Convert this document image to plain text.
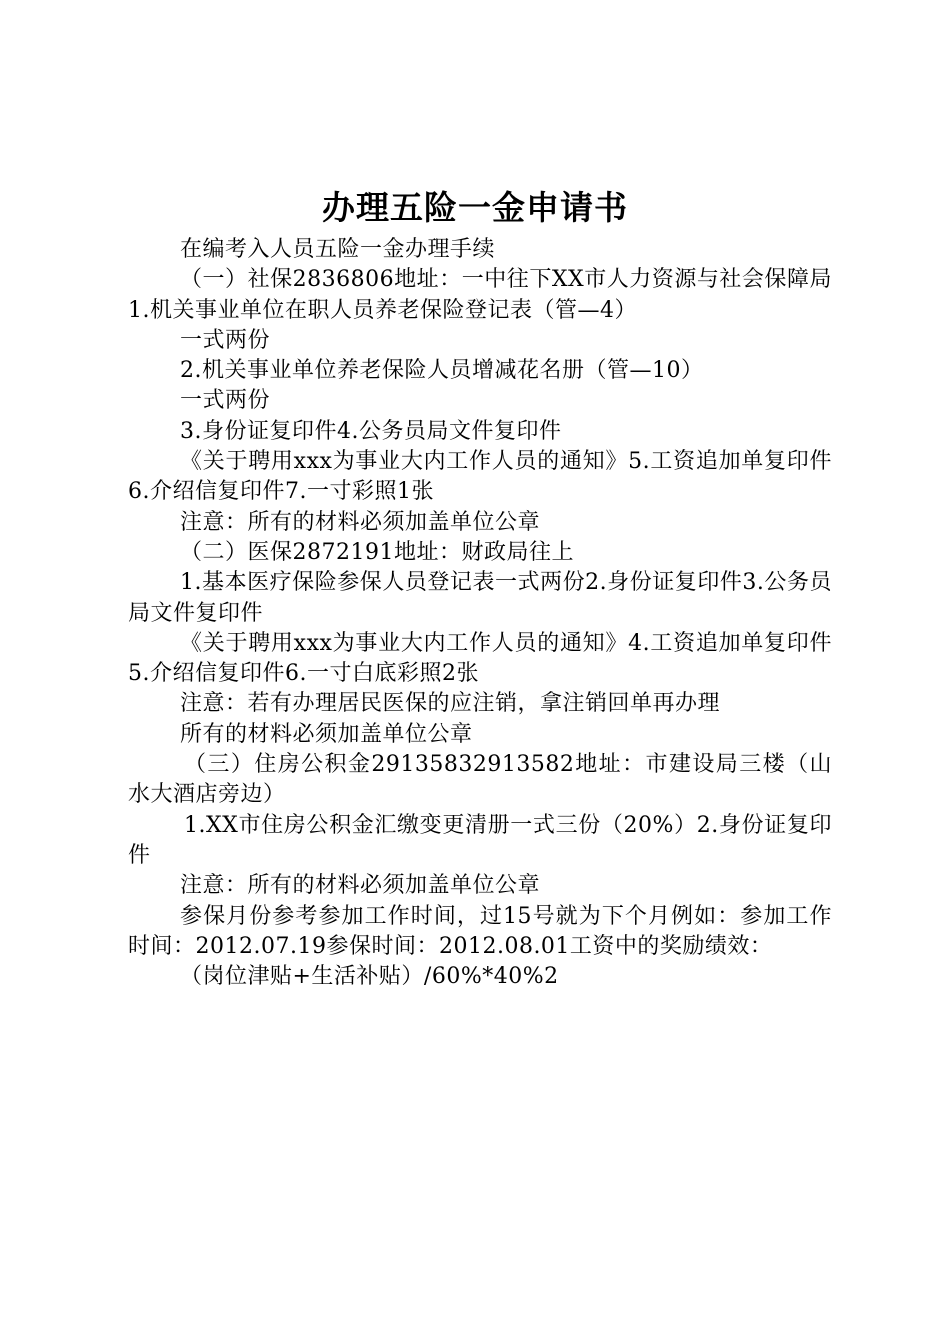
办理五险一金申请书

在编考入人员五险一金办理手续

（一）社保2836806地址：一中往下XX市人力资源与社会保障局1.机关事业单位在职人员养老保险登记表（管—4）

一式两份

2.机关事业单位养老保险人员增减花名册（管—10）

一式两份

3.身份证复印件4.公务员局文件复印件

《关于聘用xxx为事业大内工作人员的通知》5.工资追加单复印件6.介绍信复印件7.一寸彩照1张

注意：所有的材料必须加盖单位公章

（二）医保2872191地址：财政局往上

1.基本医疗保险参保人员登记表一式两份2.身份证复印件3.公务员局文件复印件

《关于聘用xxx为事业大内工作人员的通知》4.工资追加单复印件5.介绍信复印件6.一寸白底彩照2张

注意：若有办理居民医保的应注销，拿注销回单再办理

所有的材料必须加盖单位公章

（三）住房公积金29135832913582地址：市建设局三楼（山水大酒店旁边）

1.XX市住房公积金汇缴变更清册一式三份（20%）2.身份证复印件

注意：所有的材料必须加盖单位公章

参保月份参考参加工作时间，过15号就为下个月例如：参加工作时间：2012.07.19参保时间：2012.08.01工资中的奖励绩效：

（岗位津贴+生活补贴）/60%*40%2
